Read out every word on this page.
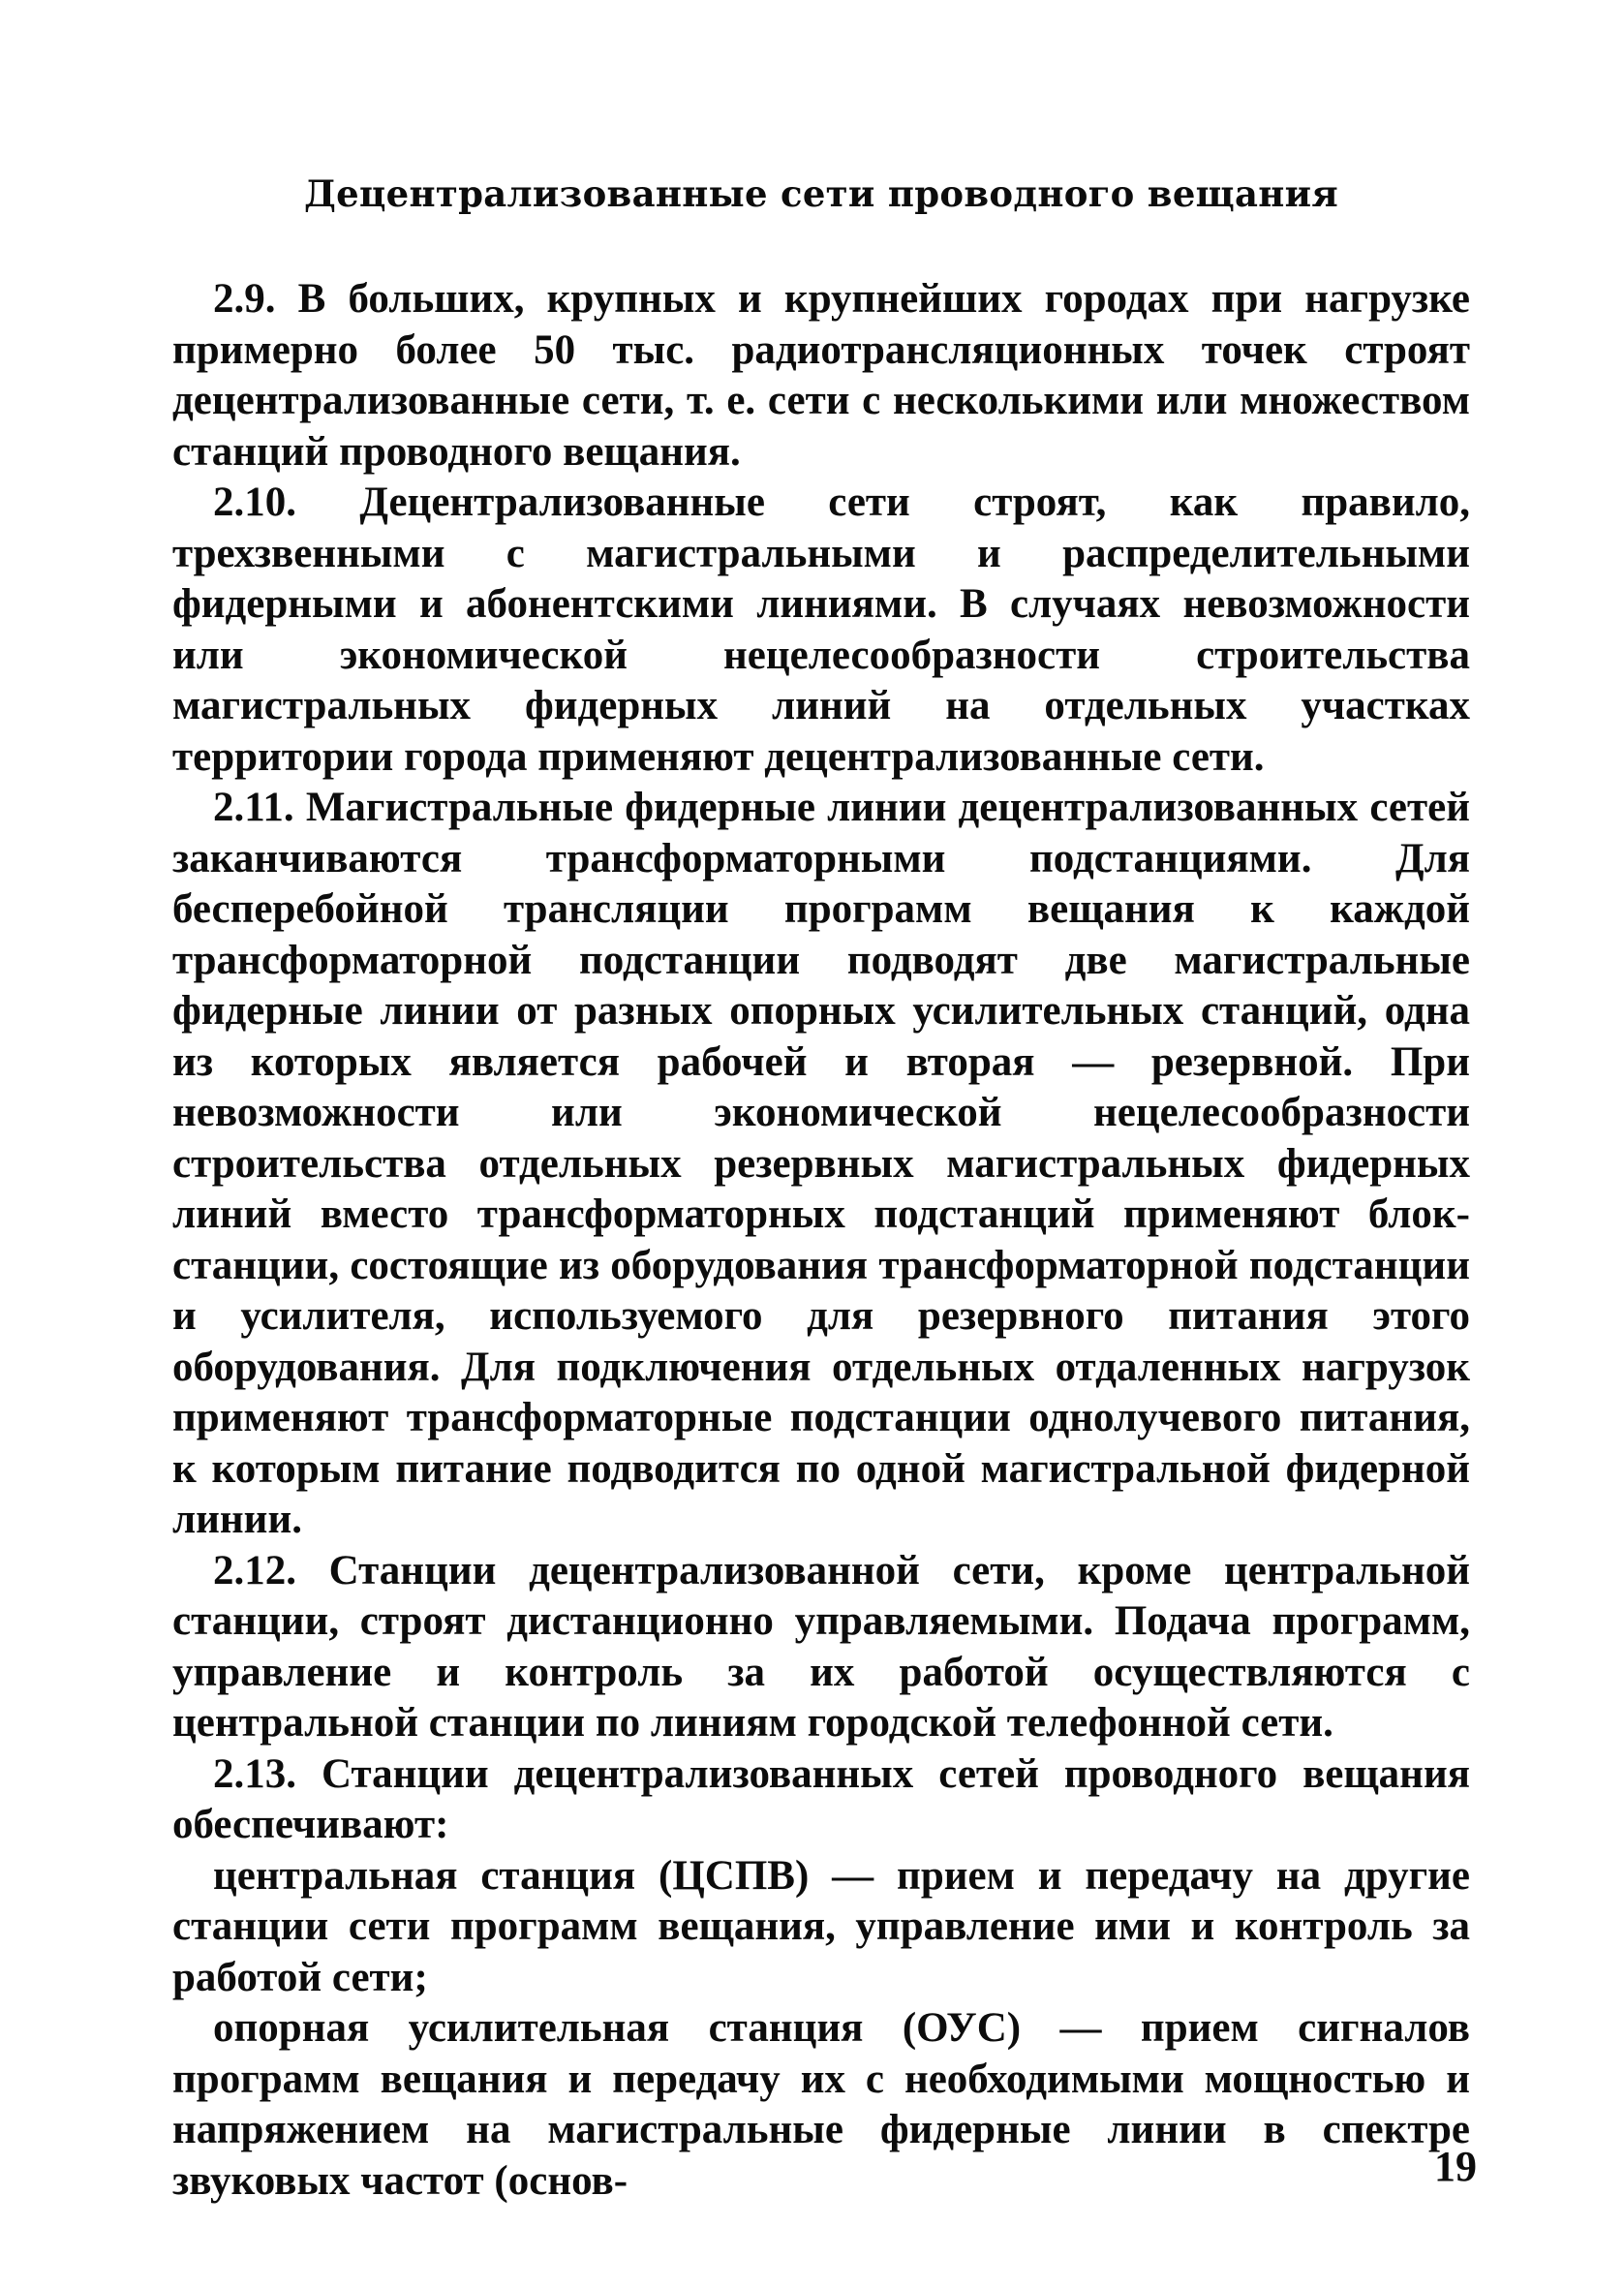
Децентрализованные сети проводного вещания

2.9. В больших, крупных и крупнейших городах при нагрузке примерно более 50 тыс. радиотрансляционных точек строят децентрализованные сети, т. е. сети с несколькими или множеством станций проводного вещания.

2.10. Децентрализованные сети строят, как правило, трехзвенными с магистральными и распределительными фидерными и абонентскими линиями. В случаях невозможности или экономической нецелесообразности строительства магистральных фидерных линий на отдельных участках территории города применяют децентрализованные сети.

2.11. Магистральные фидерные линии децентрализованных сетей заканчиваются трансформаторными подстанциями. Для бесперебойной трансляции программ вещания к каждой трансформаторной подстанции подводят две магистральные фидерные линии от разных опорных усилительных станций, одна из которых является рабочей и вторая — резервной. При невозможности или экономической нецелесообразности строительства отдельных резервных магистральных фидерных линий вместо трансформаторных подстанций применяют блок-станции, состоящие из оборудования трансформаторной подстанции и усилителя, используемого для резервного питания этого оборудования. Для подключения отдельных отдаленных нагрузок применяют трансформаторные подстанции однолучевого питания, к которым питание подводится по одной магистральной фидерной линии.

2.12. Станции децентрализованной сети, кроме центральной станции, строят дистанционно управляемыми. Подача программ, управление и контроль за их работой осуществляются с центральной станции по линиям городской телефонной сети.

2.13. Станции децентрализованных сетей проводного вещания обеспечивают:

центральная станция (ЦСПВ) — прием и передачу на другие станции сети программ вещания, управление ими и контроль за работой сети;

опорная усилительная станция (ОУС) — прием сигналов программ вещания и передачу их с необходимыми мощностью и напряжением на магистральные фидерные линии в спектре звуковых частот (основ-	19
